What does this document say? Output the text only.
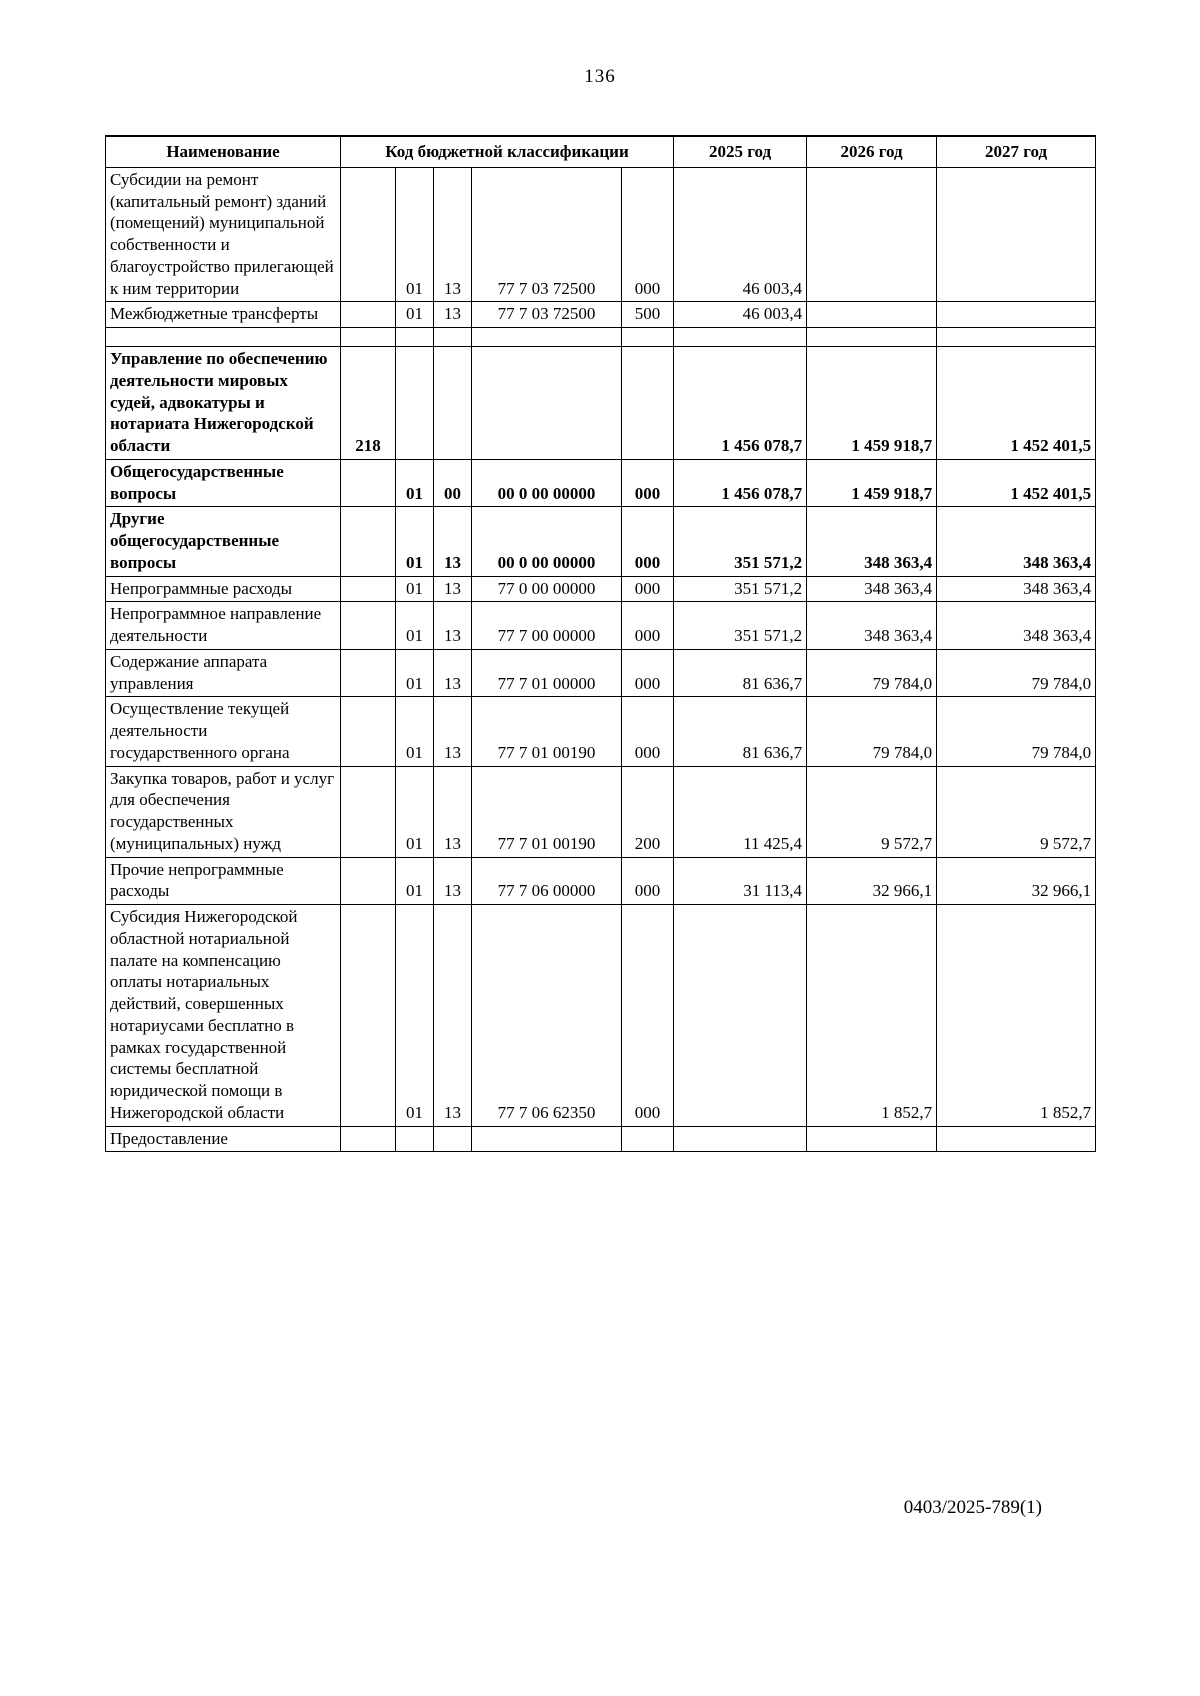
136
Наименование	Код бюджетной классификации					2025 год	2026 год	2027 год
Субсидии на ремонт (капитальный ремонт) зданий (помещений) муниципальной собственности и благоустройство прилегающей к ним территории		01	13	77 7 03 72500	000	46 003,4		
Межбюджетные трансферты		01	13	77 7 03 72500	500	46 003,4		

Управление по обеспечению деятельности мировых судей, адвокатуры и нотариата Нижегородской области	218					1 456 078,7	1 459 918,7	1 452 401,5
Общегосударственные вопросы		01	00	00 0 00 00000	000	1 456 078,7	1 459 918,7	1 452 401,5
Другие общегосударственные вопросы		01	13	00 0 00 00000	000	351 571,2	348 363,4	348 363,4
Непрограммные расходы		01	13	77 0 00 00000	000	351 571,2	348 363,4	348 363,4
Непрограммное направление деятельности		01	13	77 7 00 00000	000	351 571,2	348 363,4	348 363,4
Содержание аппарата управления		01	13	77 7 01 00000	000	81 636,7	79 784,0	79 784,0
Осуществление текущей деятельности государственного органа		01	13	77 7 01 00190	000	81 636,7	79 784,0	79 784,0
Закупка товаров, работ и услуг для обеспечения государственных (муниципальных) нужд		01	13	77 7 01 00190	200	11 425,4	9 572,7	9 572,7
Прочие непрограммные расходы		01	13	77 7 06 00000	000	31 113,4	32 966,1	32 966,1
Субсидия Нижегородской областной нотариальной палате на компенсацию оплаты нотариальных действий, совершенных нотариусами бесплатно в рамках государственной системы бесплатной юридической помощи в Нижегородской области		01	13	77 7 06 62350	000		1 852,7	1 852,7
Предоставление								
0403/2025-789(1)
